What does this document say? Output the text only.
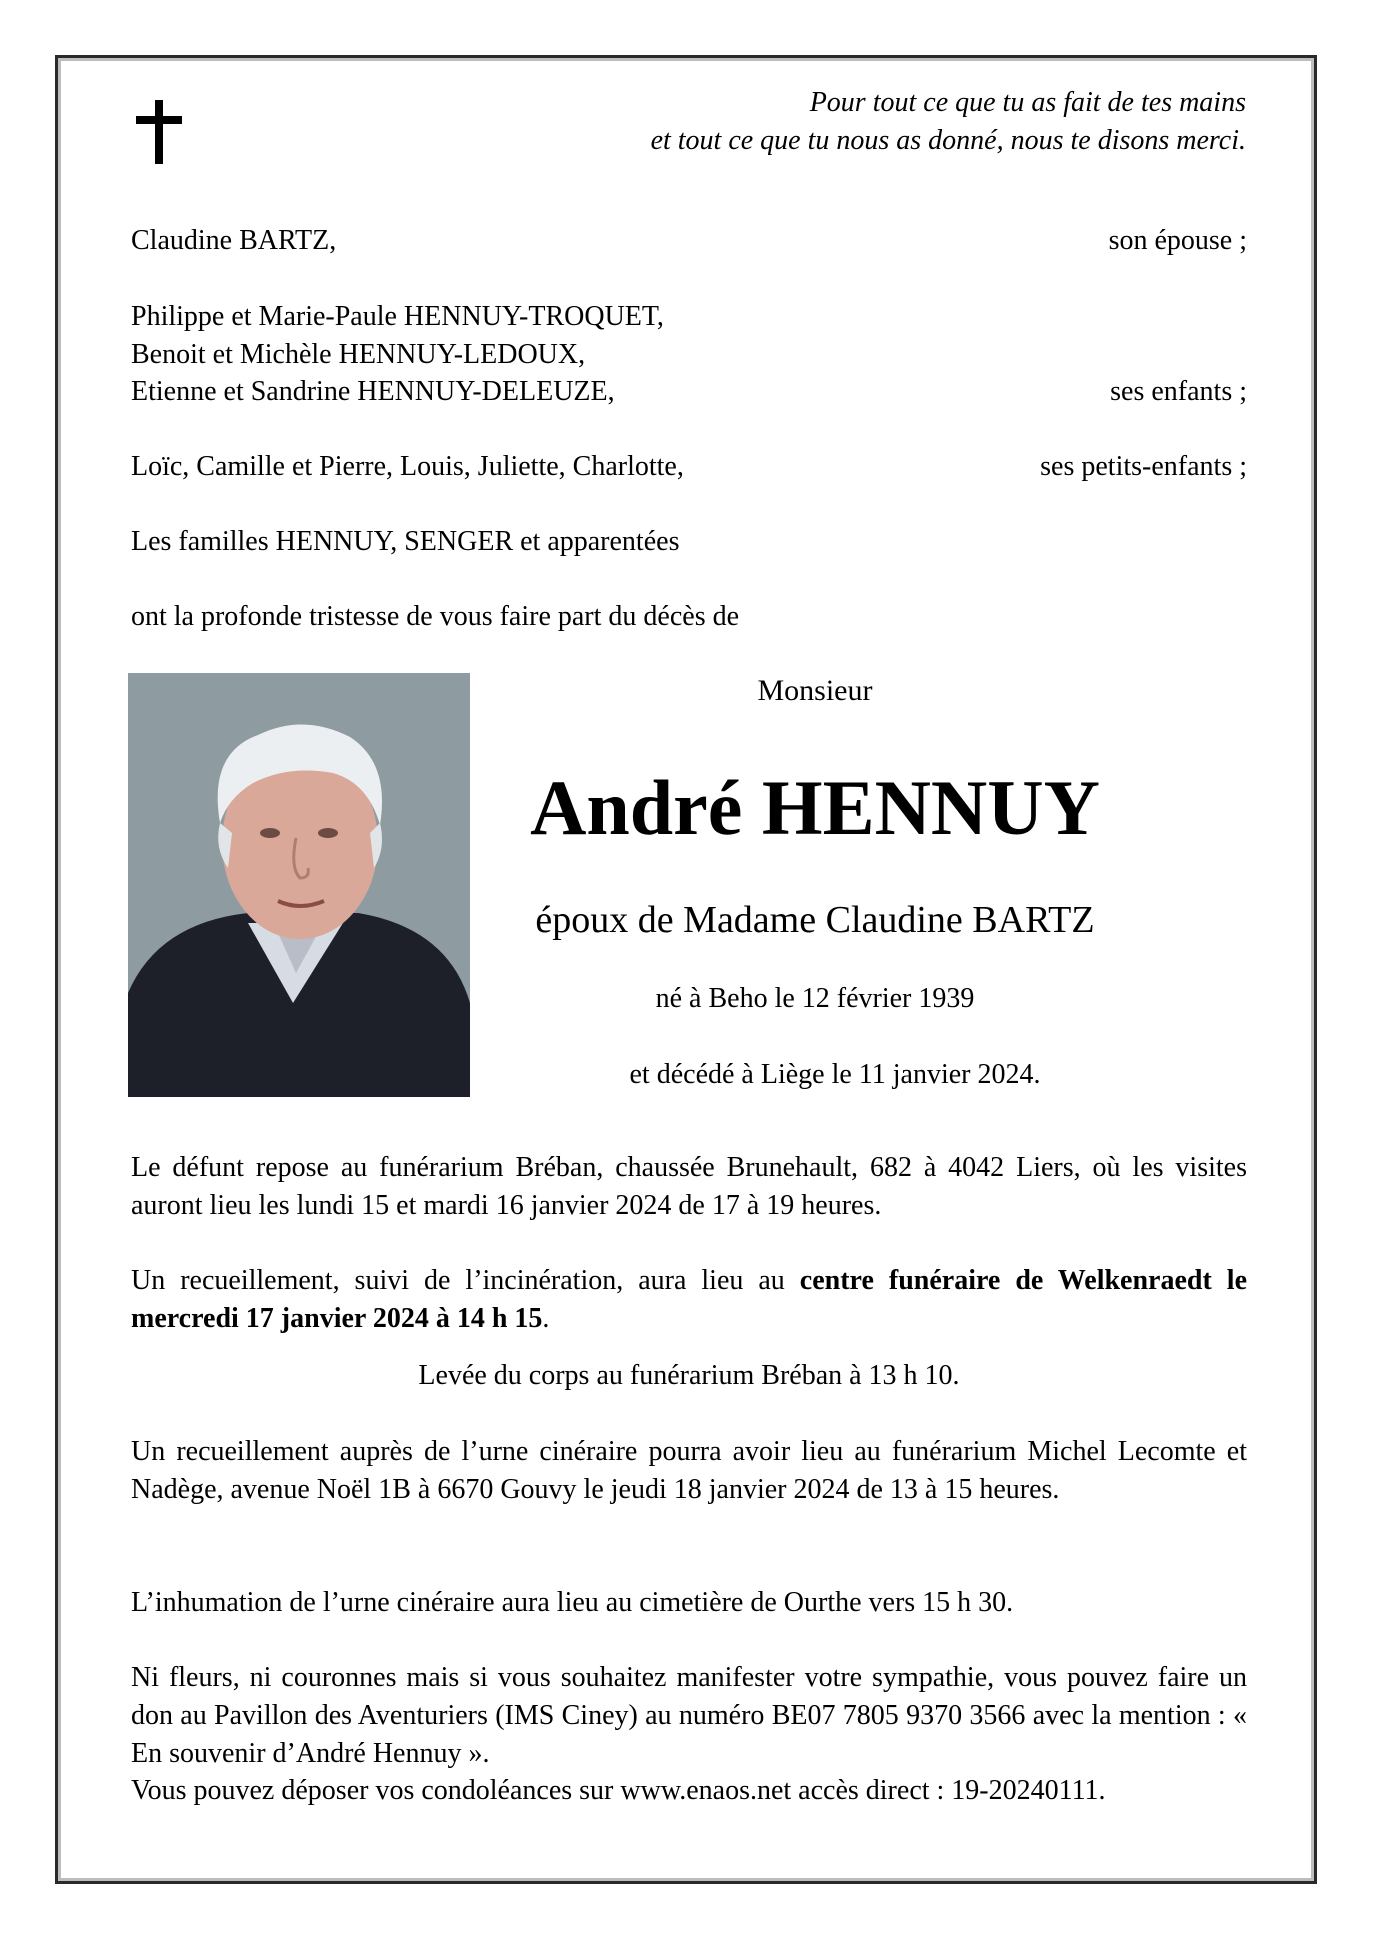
Pour tout ce que tu as fait de tes mains
et tout ce que tu nous as donné, nous te disons merci.
Claudine BARTZ,	son épouse ;
Philippe et Marie-Paule HENNUY-TROQUET,
Benoit et Michèle HENNUY-LEDOUX,
Etienne et Sandrine HENNUY-DELEUZE,	ses enfants ;
Loïc, Camille et Pierre, Louis, Juliette, Charlotte,	ses petits-enfants ;
Les familles HENNUY, SENGER et apparentées
ont la profonde tristesse de vous faire part du décès de
Monsieur
André HENNUY
époux de Madame Claudine BARTZ
né à Beho le 12 février 1939
et décédé à Liège le 11 janvier 2024.
Le défunt repose au funérarium Bréban, chaussée Brunehault, 682 à 4042 Liers, où les visites auront lieu les lundi 15 et mardi 16 janvier 2024 de 17 à 19 heures.
Un recueillement, suivi de l’incinération, aura lieu au centre funéraire de Welkenraedt le mercredi 17 janvier 2024 à 14 h 15.
Levée du corps au funérarium Bréban à 13 h 10.
Un recueillement auprès de l’urne cinéraire pourra avoir lieu au funérarium Michel Lecomte et Nadège, avenue Noël 1B à 6670 Gouvy le jeudi 18 janvier 2024 de 13 à 15 heures.
L’inhumation de l’urne cinéraire aura lieu au cimetière de Ourthe vers 15 h 30.
Ni fleurs, ni couronnes mais si vous souhaitez manifester votre sympathie, vous pouvez faire un don au Pavillon des Aventuriers (IMS Ciney) au numéro BE07 7805 9370 3566 avec la mention : « En souvenir d’André Hennuy ».
Vous pouvez déposer vos condoléances sur www.enaos.net accès direct : 19-20240111.
